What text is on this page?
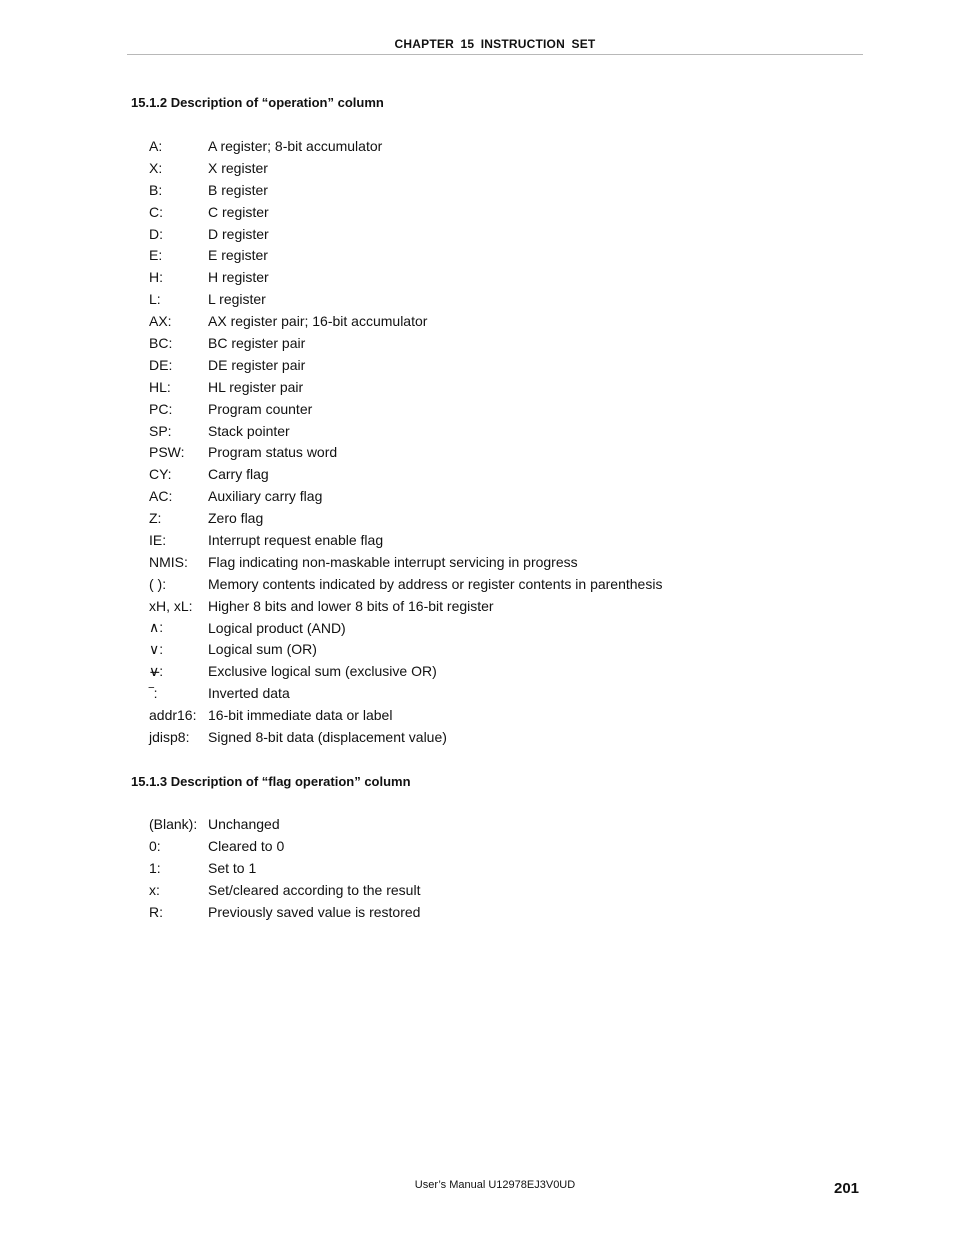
CHAPTER 15 INSTRUCTION SET
15.1.2 Description of “operation” column
A:	A register; 8-bit accumulator
X:	X register
B:	B register
C:	C register
D:	D register
E:	E register
H:	H register
L:	L register
AX:	AX register pair; 16-bit accumulator
BC:	BC register pair
DE:	DE register pair
HL:	HL register pair
PC:	Program counter
SP:	Stack pointer
PSW:	Program status word
CY:	Carry flag
AC:	Auxiliary carry flag
Z:	Zero flag
IE:	Interrupt request enable flag
NMIS:	Flag indicating non-maskable interrupt servicing in progress
( ):	Memory contents indicated by address or register contents in parenthesis
xH, xL:	Higher 8 bits and lower 8 bits of 16-bit register
∧:	Logical product (AND)
∨:	Logical sum (OR)
∨̶:	Exclusive logical sum (exclusive OR)
‾:	Inverted data
addr16: 16-bit immediate data or label
jdisp8:	Signed 8-bit data (displacement value)
15.1.3 Description of “flag operation” column
(Blank): Unchanged
0:	Cleared to 0
1:	Set to 1
x:	Set/cleared according to the result
R:	Previously saved value is restored
User’s Manual U12978EJ3V0UD	201
